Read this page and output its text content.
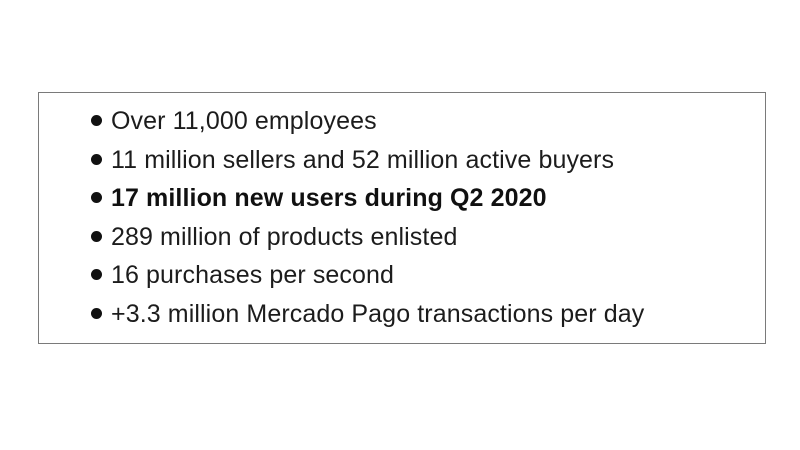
Over 11,000 employees
11 million sellers and 52 million active buyers
17 million new users during Q2 2020
289 million of products enlisted
16 purchases per second
+3.3 million Mercado Pago transactions per day
